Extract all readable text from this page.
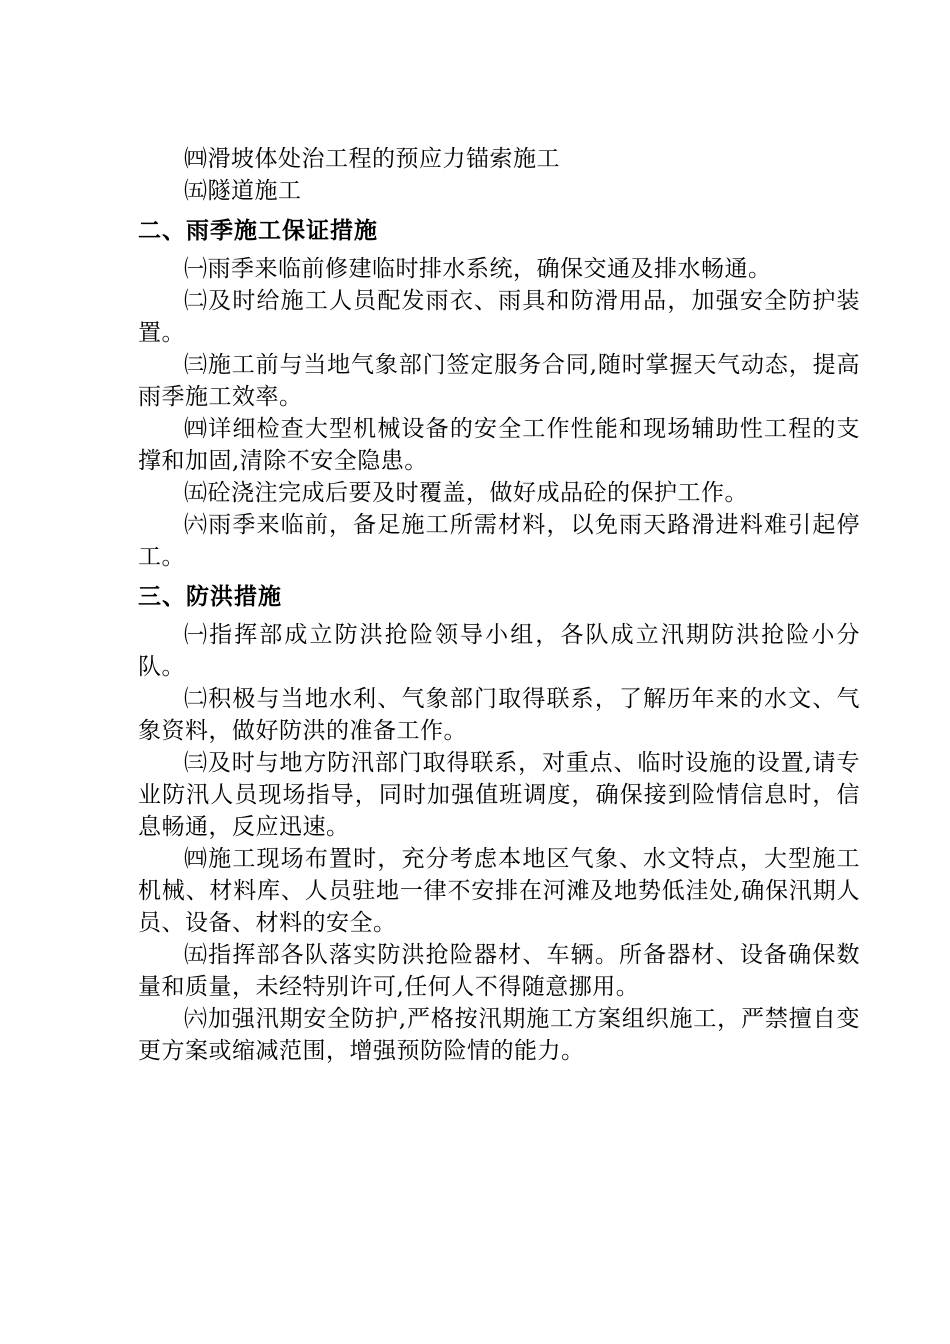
㈣滑坡体处治工程的预应力锚索施工

㈤隧道施工

二、雨季施工保证措施

㈠雨季来临前修建临时排水系统，确保交通及排水畅通。

㈡及时给施工人员配发雨衣、雨具和防滑用品，加强安全防护装置。

㈢施工前与当地气象部门签定服务合同,随时掌握天气动态，提高雨季施工效率。

㈣详细检查大型机械设备的安全工作性能和现场辅助性工程的支撑和加固,清除不安全隐患。

㈤砼浇注完成后要及时覆盖，做好成品砼的保护工作。

㈥雨季来临前，备足施工所需材料，以免雨天路滑进料难引起停工。

三、防洪措施

㈠指挥部成立防洪抢险领导小组，各队成立汛期防洪抢险小分队。

㈡积极与当地水利、气象部门取得联系，了解历年来的水文、气象资料，做好防洪的准备工作。

㈢及时与地方防汛部门取得联系，对重点、临时设施的设置,请专业防汛人员现场指导，同时加强值班调度，确保接到险情信息时，信息畅通，反应迅速。

㈣施工现场布置时，充分考虑本地区气象、水文特点，大型施工机械、材料库、人员驻地一律不安排在河滩及地势低洼处,确保汛期人员、设备、材料的安全。

㈤指挥部各队落实防洪抢险器材、车辆。所备器材、设备确保数量和质量，未经特别许可,任何人不得随意挪用。

㈥加强汛期安全防护,严格按汛期施工方案组织施工，严禁擅自变更方案或缩减范围，增强预防险情的能力。
